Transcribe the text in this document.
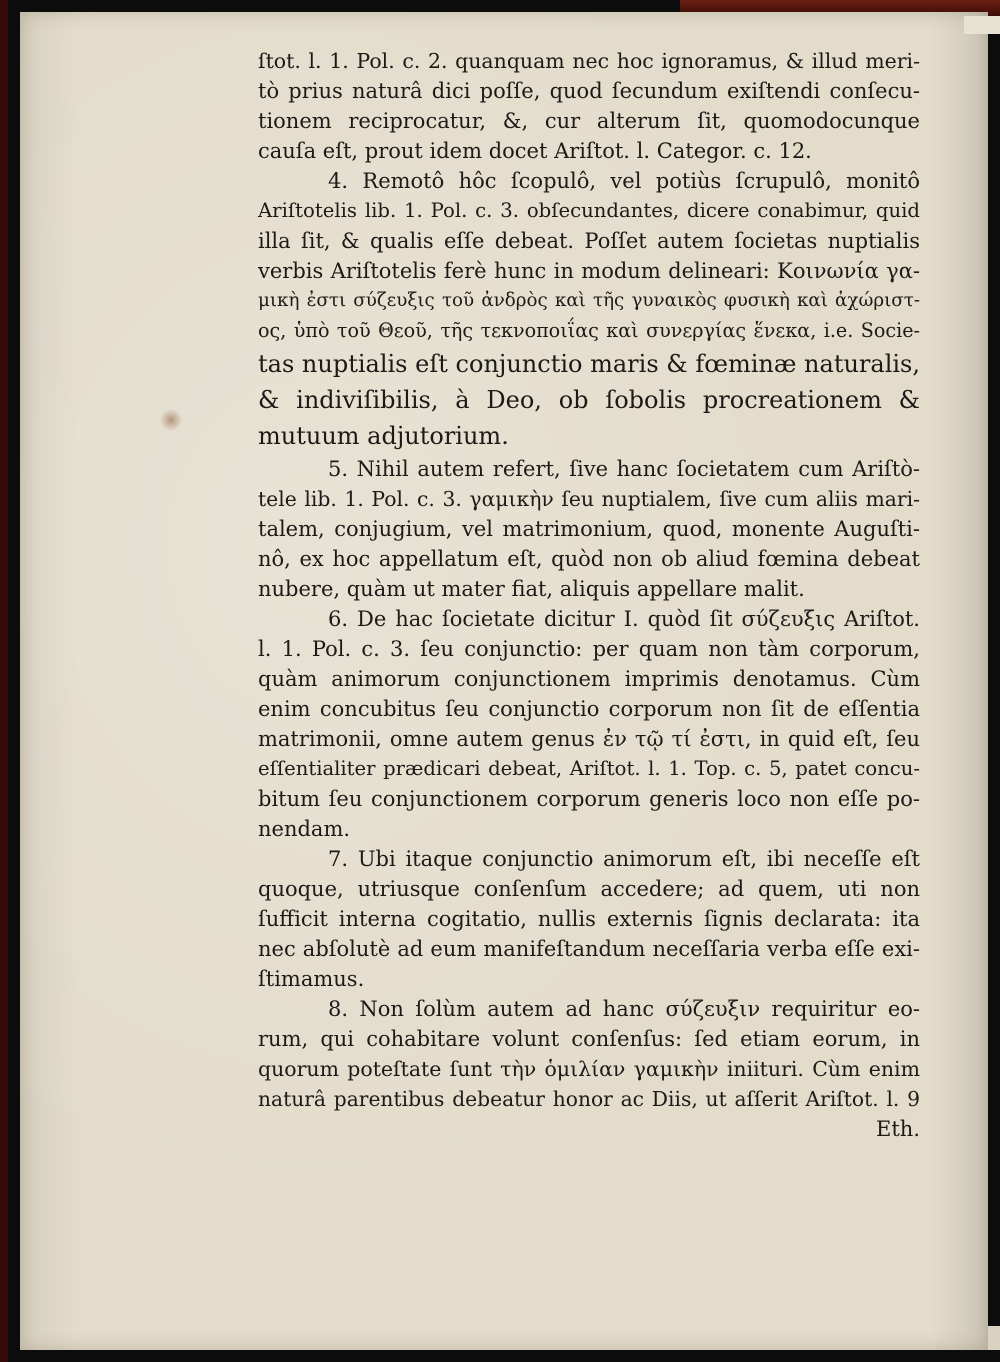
ſtot. l. 1. Pol. c. 2. quanquam nec hoc ignoramus, & illud meri-
tò prius naturâ dici poſſe, quod ſecundum exiſtendi conſecu-
tionem reciprocatur, &, cur alterum ſit, quomodocunque
cauſa eſt, prout idem docet Ariſtot. l. Categor. c. 12.
4. Remotô hôc ſcopulô, vel potiùs ſcrupulô, monitô
Ariſtotelis lib. 1. Pol. c. 3. obſecundantes, dicere conabimur, quid
illa ſit, & qualis eſſe debeat. Poſſet autem ſocietas nuptialis
verbis Ariſtotelis ferè hunc in modum delineari: Κοινωνία γα-
μικὴ ἐστι σύζευξις τοῦ ἀνδρὸς καὶ τῆς γυναικὸς φυσικὴ καὶ ἀχώριστ-
ος, ὑπὸ τοῦ Θεοῦ, τῆς τεκνοποιΐας καὶ συνεργίας ἕνεκα, i.e. Socie-
tas nuptialis eſt conjunctio maris & fœminæ naturalis,
& indiviſibilis, à Deo, ob ſobolis procreationem &
mutuum adjutorium.
5. Nihil autem refert, ſive hanc ſocietatem cum Ariſtò-
tele lib. 1. Pol. c. 3. γαμικὴν ſeu nuptialem, ſive cum aliis mari-
talem, conjugium, vel matrimonium, quod, monente Auguſti-
nô, ex hoc appellatum eſt, quòd non ob aliud fœmina debeat
nubere, quàm ut mater fiat, aliquis appellare malit.
6. De hac ſocietate dicitur I. quòd ſit σύζευξις Ariſtot.
l. 1. Pol. c. 3. ſeu conjunctio: per quam non tàm corporum,
quàm animorum conjunctionem imprimis denotamus. Cùm
enim concubitus ſeu conjunctio corporum non ſit de eſſentia
matrimonii, omne autem genus ἐν τῷ τί ἐστι, in quid eſt, ſeu
eſſentialiter prædicari debeat, Ariſtot. l. 1. Top. c. 5, patet concu-
bitum ſeu conjunctionem corporum generis loco non eſſe po-
nendam.
7. Ubi itaque conjunctio animorum eſt, ibi neceſſe eſt
quoque, utriusque conſenſum accedere; ad quem, uti non
ſufficit interna cogitatio, nullis externis ſignis declarata: ita
nec abſolutè ad eum manifeſtandum neceſſaria verba eſſe exi-
ſtimamus.
8. Non ſolùm autem ad hanc σύζευξιν requiritur eo-
rum, qui cohabitare volunt conſenſus: ſed etiam eorum, in
quorum poteſtate ſunt τὴν ὁμιλίαν γαμικὴν iniituri. Cùm enim
naturâ parentibus debeatur honor ac Diis, ut aſſerit Ariſtot. l. 9
Eth.
